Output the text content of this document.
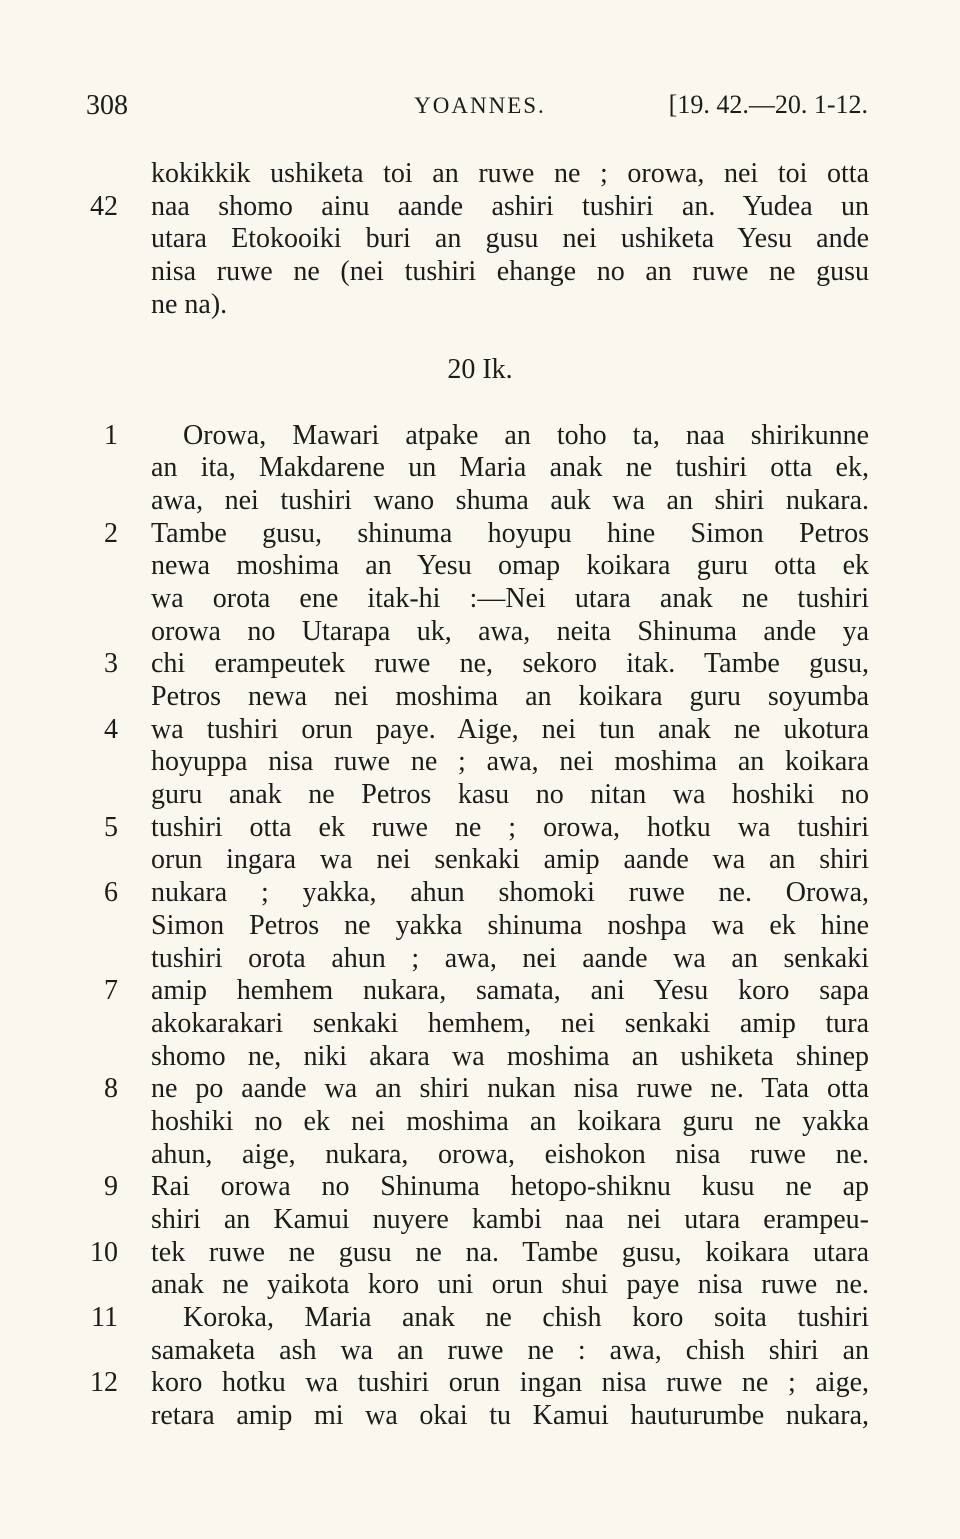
308	YOANNES.	[19. 42.—20. 1-12.
kokikkik ushiketa toi an ruwe ne ; orowa, nei toi otta
42 naa shomo ainu aande ashiri tushiri an. Yudea un
utara Etokooiki buri an gusu nei ushiketa Yesu ande
nisa ruwe ne (nei tushiri ehange no an ruwe ne gusu
ne na).
20 Ik.
1 Orowa, Mawari atpake an toho ta, naa shirikunne
an ita, Makdarene un Maria anak ne tushiri otta ek,
awa, nei tushiri wano shuma auk wa an shiri nukara.
2 Tambe gusu, shinuma hoyupu hine Simon Petros
newa moshima an Yesu omap koikara guru otta ek
wa orota ene itak-hi :—Nei utara anak ne tushiri
orowa no Utarapa uk, awa, neita Shinuma ande ya
3 chi erampeutek ruwe ne, sekoro itak. Tambe gusu,
Petros newa nei moshima an koikara guru soyumba
4 wa tushiri orun paye. Aige, nei tun anak ne ukotura
hoyuppa nisa ruwe ne ; awa, nei moshima an koikara
guru anak ne Petros kasu no nitan wa hoshiki no
5 tushiri otta ek ruwe ne ; orowa, hotku wa tushiri
orun ingara wa nei senkaki amip aande wa an shiri
6 nukara ; yakka, ahun shomoki ruwe ne. Orowa,
Simon Petros ne yakka shinuma noshpa wa ek hine
tushiri orota ahun ; awa, nei aande wa an senkaki
7 amip hemhem nukara, samata, ani Yesu koro sapa
akokarakari senkaki hemhem, nei senkaki amip tura
shomo ne, niki akara wa moshima an ushiketa shinep
8 ne po aande wa an shiri nukan nisa ruwe ne. Tata otta
hoshiki no ek nei moshima an koikara guru ne yakka
ahun, aige, nukara, orowa, eishokon nisa ruwe ne.
9 Rai orowa no Shinuma hetopo-shiknu kusu ne ap
shiri an Kamui nuyere kambi naa nei utara erampeu-
10 tek ruwe ne gusu ne na. Tambe gusu, koikara utara
anak ne yaikota koro uni orun shui paye nisa ruwe ne.
11 Koroka, Maria anak ne chish koro soita tushiri
samaketa ash wa an ruwe ne : awa, chish shiri an
12 koro hotku wa tushiri orun ingan nisa ruwe ne ; aige,
retara amip mi wa okai tu Kamui hauturumbe nukara,
